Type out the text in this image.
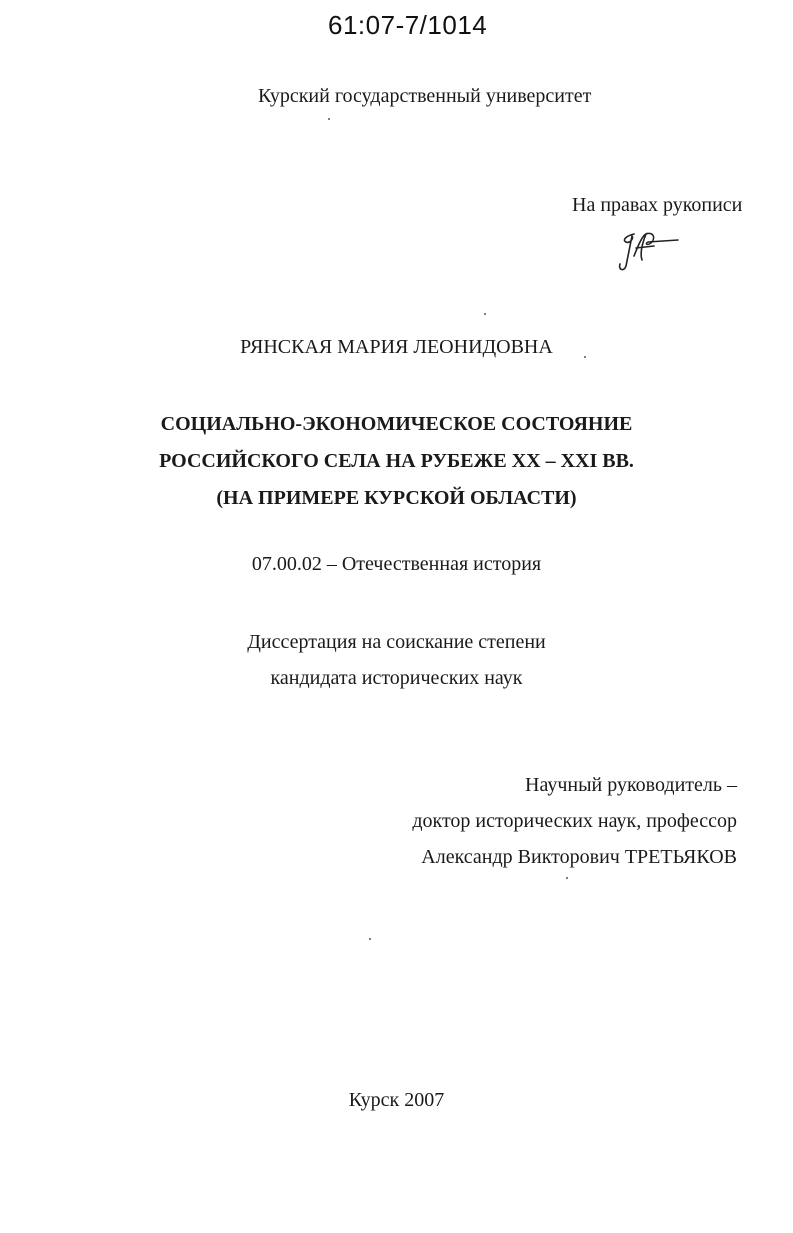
61:07-7/1014
Курский государственный университет
На правах рукописи
РЯНСКАЯ МАРИЯ ЛЕОНИДОВНА
СОЦИАЛЬНО-ЭКОНОМИЧЕСКОЕ СОСТОЯНИЕ
РОССИЙСКОГО СЕЛА НА РУБЕЖЕ XX – XXI ВВ.
(НА ПРИМЕРЕ КУРСКОЙ ОБЛАСТИ)
07.00.02 – Отечественная история
Диссертация на соискание степени
кандидата исторических наук
Научный руководитель –
доктор исторических наук, профессор
Александр Викторович ТРЕТЬЯКОВ
Курск 2007
